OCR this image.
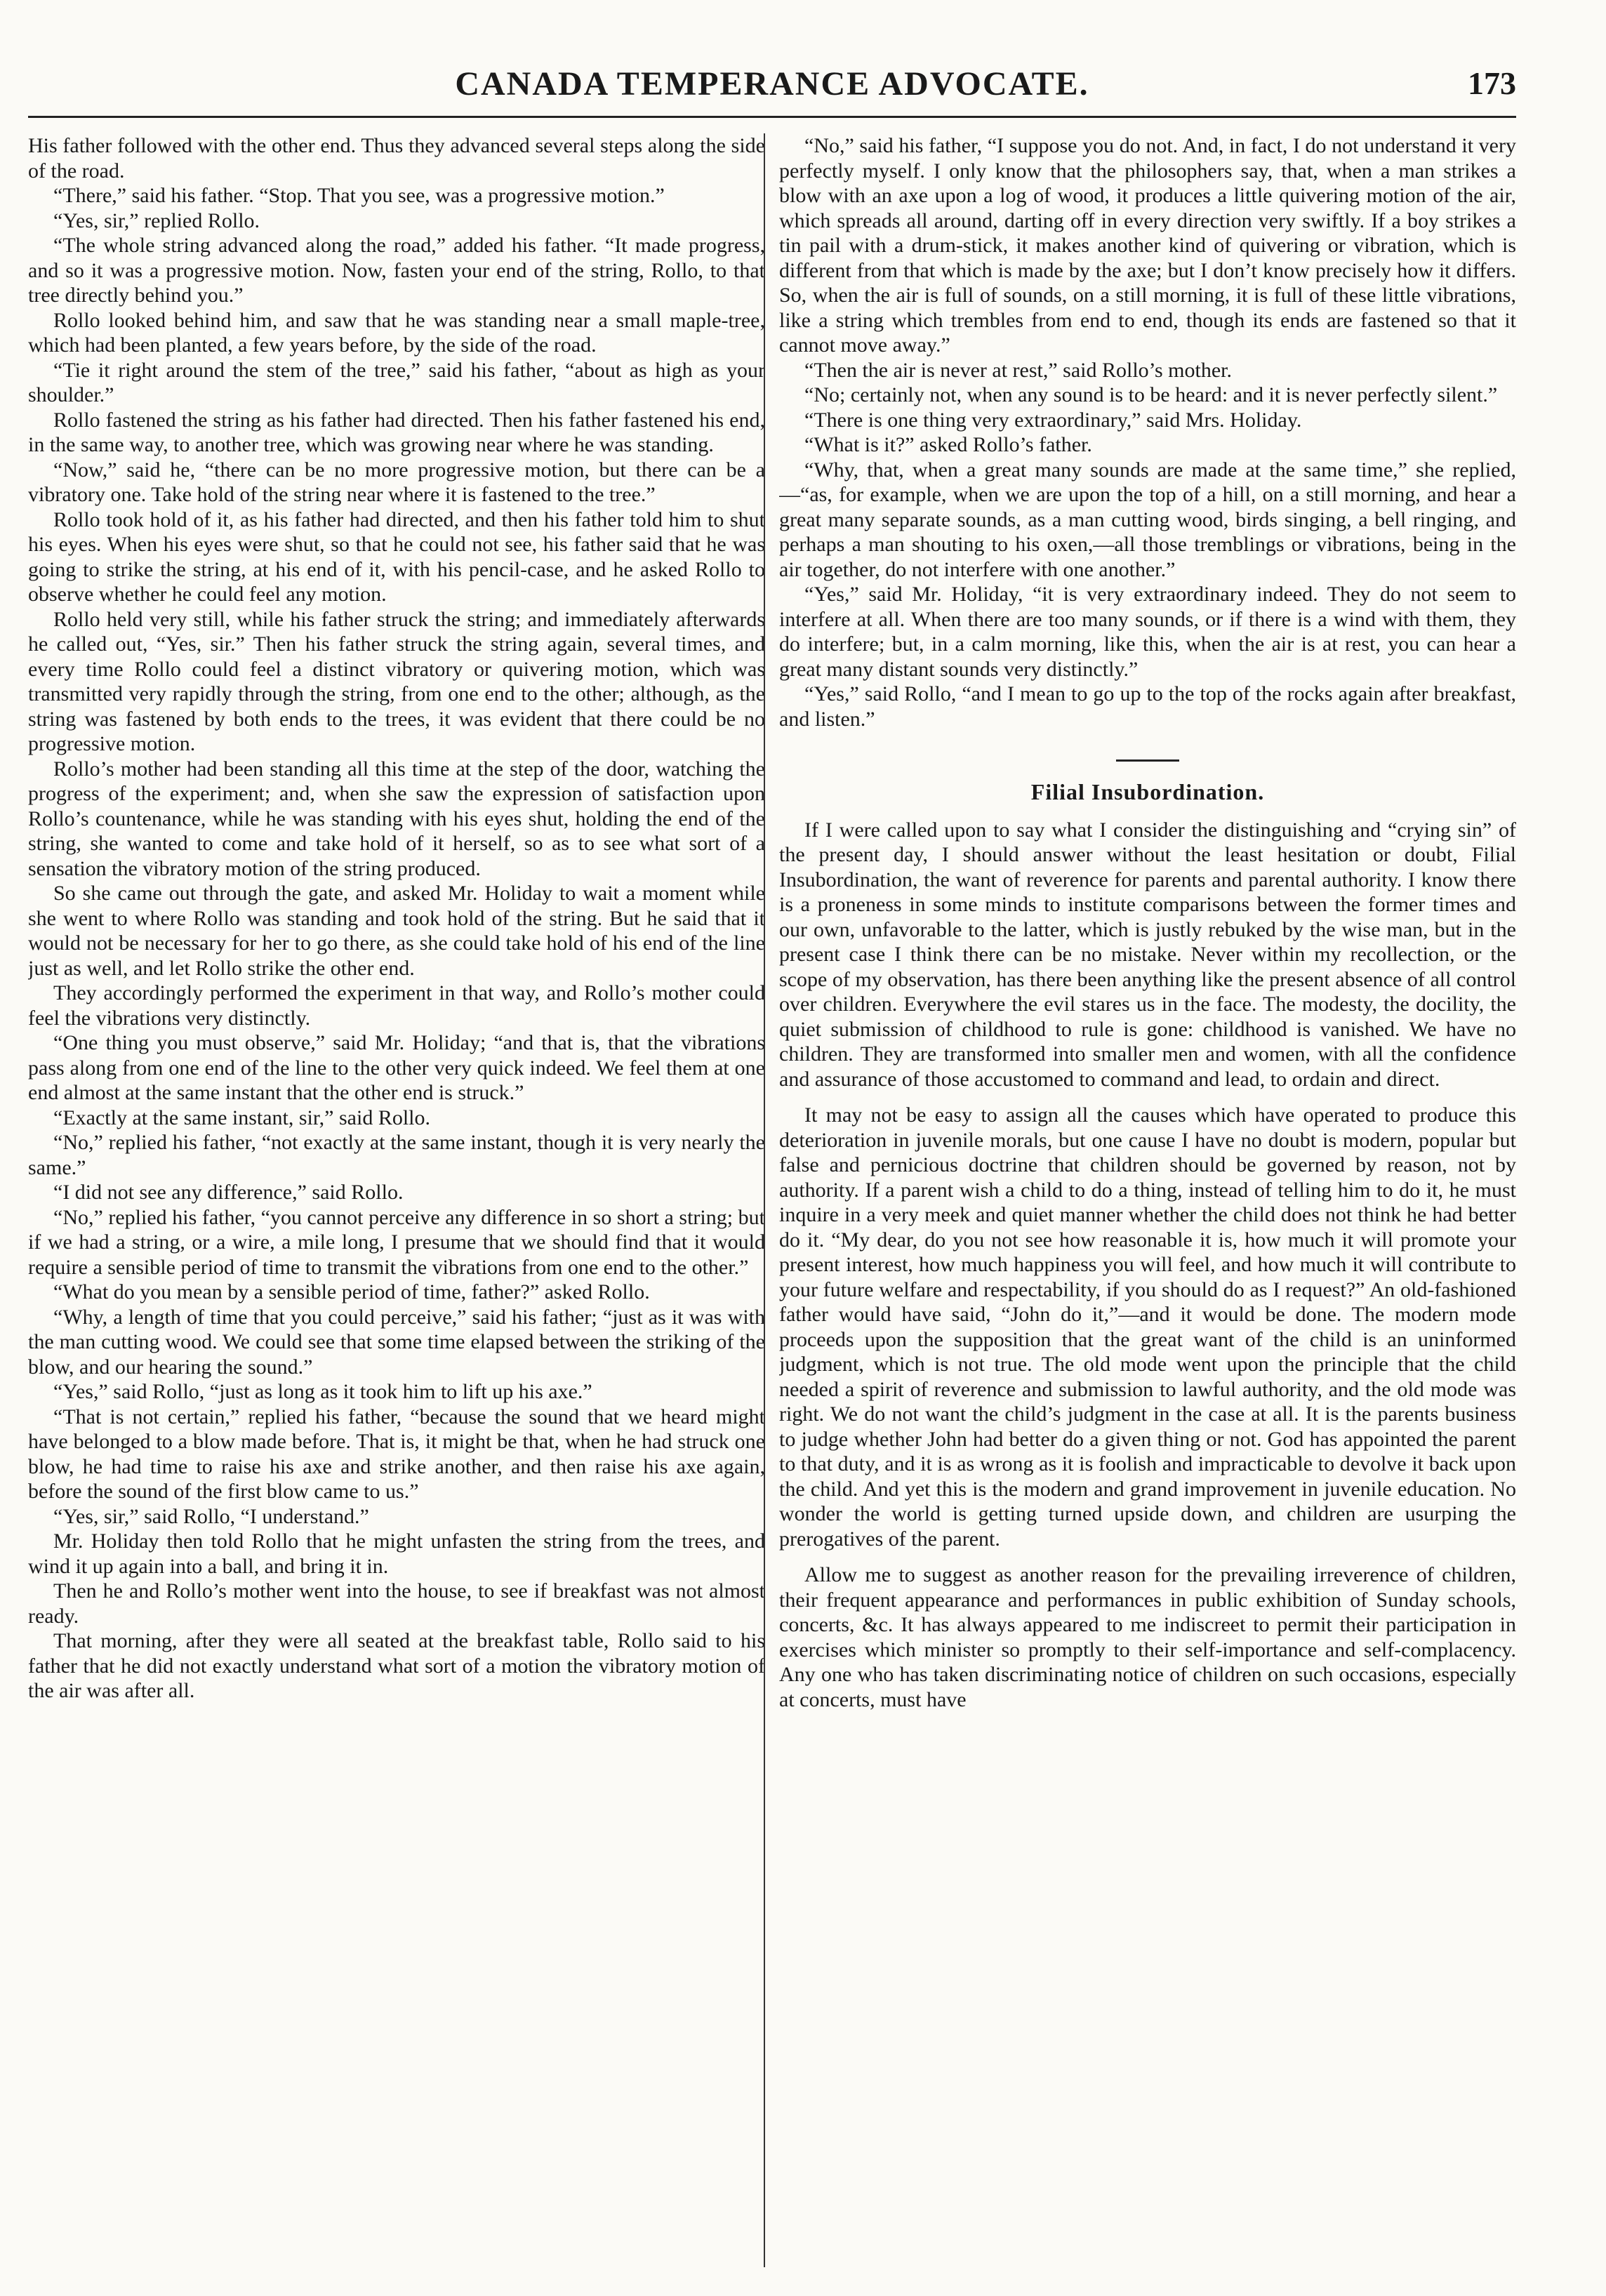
CANADA TEMPERANCE ADVOCATE.	173

His father followed with the other end. Thus they advanced several steps along the side of the road.

“There,” said his father. “Stop. That you see, was a progressive motion.”

“Yes, sir,” replied Rollo.

“The whole string advanced along the road,” added his father. “It made progress, and so it was a progressive motion. Now, fasten your end of the string, Rollo, to that tree directly behind you.”

Rollo looked behind him, and saw that he was standing near a small maple-tree, which had been planted, a few years before, by the side of the road.

“Tie it right around the stem of the tree,” said his father, “about as high as your shoulder.”

Rollo fastened the string as his father had directed. Then his father fastened his end, in the same way, to another tree, which was growing near where he was standing.

“Now,” said he, “there can be no more progressive motion, but there can be a vibratory one. Take hold of the string near where it is fastened to the tree.”

Rollo took hold of it, as his father had directed, and then his father told him to shut his eyes. When his eyes were shut, so that he could not see, his father said that he was going to strike the string, at his end of it, with his pencil-case, and he asked Rollo to observe whether he could feel any motion.

Rollo held very still, while his father struck the string; and immediately afterwards he called out, “Yes, sir.” Then his father struck the string again, several times, and every time Rollo could feel a distinct vibratory or quivering motion, which was transmitted very rapidly through the string, from one end to the other; although, as the string was fastened by both ends to the trees, it was evident that there could be no progressive motion.

Rollo’s mother had been standing all this time at the step of the door, watching the progress of the experiment; and, when she saw the expression of satisfaction upon Rollo’s countenance, while he was standing with his eyes shut, holding the end of the string, she wanted to come and take hold of it herself, so as to see what sort of a sensation the vibratory motion of the string produced.

So she came out through the gate, and asked Mr. Holiday to wait a moment while she went to where Rollo was standing and took hold of the string. But he said that it would not be necessary for her to go there, as she could take hold of his end of the line just as well, and let Rollo strike the other end.

They accordingly performed the experiment in that way, and Rollo’s mother could feel the vibrations very distinctly.

“One thing you must observe,” said Mr. Holiday; “and that is, that the vibrations pass along from one end of the line to the other very quick indeed. We feel them at one end almost at the same instant that the other end is struck.”

“Exactly at the same instant, sir,” said Rollo.

“No,” replied his father, “not exactly at the same instant, though it is very nearly the same.”

“I did not see any difference,” said Rollo.

“No,” replied his father, “you cannot perceive any difference in so short a string; but if we had a string, or a wire, a mile long, I presume that we should find that it would require a sensible period of time to transmit the vibrations from one end to the other.”

“What do you mean by a sensible period of time, father?” asked Rollo.

“Why, a length of time that you could perceive,” said his father; “just as it was with the man cutting wood. We could see that some time elapsed between the striking of the blow, and our hearing the sound.”

“Yes,” said Rollo, “just as long as it took him to lift up his axe.”

“That is not certain,” replied his father, “because the sound that we heard might have belonged to a blow made before. That is, it might be that, when he had struck one blow, he had time to raise his axe and strike another, and then raise his axe again, before the sound of the first blow came to us.”

“Yes, sir,” said Rollo, “I understand.”

Mr. Holiday then told Rollo that he might unfasten the string from the trees, and wind it up again into a ball, and bring it in.

Then he and Rollo’s mother went into the house, to see if breakfast was not almost ready.

That morning, after they were all seated at the breakfast table, Rollo said to his father that he did not exactly understand what sort of a motion the vibratory motion of the air was after all.

“No,” said his father, “I suppose you do not. And, in fact, I do not understand it very perfectly myself. I only know that the philosophers say, that, when a man strikes a blow with an axe upon a log of wood, it produces a little quivering motion of the air, which spreads all around, darting off in every direction very swiftly. If a boy strikes a tin pail with a drum-stick, it makes another kind of quivering or vibration, which is different from that which is made by the axe; but I don’t know precisely how it differs. So, when the air is full of sounds, on a still morning, it is full of these little vibrations, like a string which trembles from end to end, though its ends are fastened so that it cannot move away.”

“Then the air is never at rest,” said Rollo’s mother.

“No; certainly not, when any sound is to be heard: and it is never perfectly silent.”

“There is one thing very extraordinary,” said Mrs. Holiday.

“What is it?” asked Rollo’s father.

“Why, that, when a great many sounds are made at the same time,” she replied,—“as, for example, when we are upon the top of a hill, on a still morning, and hear a great many separate sounds, as a man cutting wood, birds singing, a bell ringing, and perhaps a man shouting to his oxen,—all those tremblings or vibrations, being in the air together, do not interfere with one another.”

“Yes,” said Mr. Holiday, “it is very extraordinary indeed. They do not seem to interfere at all. When there are too many sounds, or if there is a wind with them, they do interfere; but, in a calm morning, like this, when the air is at rest, you can hear a great many distant sounds very distinctly.”

“Yes,” said Rollo, “and I mean to go up to the top of the rocks again after breakfast, and listen.”

Filial Insubordination.

If I were called upon to say what I consider the distinguishing and “crying sin” of the present day, I should answer without the least hesitation or doubt, Filial Insubordination, the want of reverence for parents and parental authority. I know there is a proneness in some minds to institute comparisons between the former times and our own, unfavorable to the latter, which is justly rebuked by the wise man, but in the present case I think there can be no mistake. Never within my recollection, or the scope of my observation, has there been anything like the present absence of all control over children. Everywhere the evil stares us in the face. The modesty, the docility, the quiet submission of childhood to rule is gone: childhood is vanished. We have no children. They are transformed into smaller men and women, with all the confidence and assurance of those accustomed to command and lead, to ordain and direct.

It may not be easy to assign all the causes which have operated to produce this deterioration in juvenile morals, but one cause I have no doubt is modern, popular but false and pernicious doctrine that children should be governed by reason, not by authority. If a parent wish a child to do a thing, instead of telling him to do it, he must inquire in a very meek and quiet manner whether the child does not think he had better do it. “My dear, do you not see how reasonable it is, how much it will promote your present interest, how much happiness you will feel, and how much it will contribute to your future welfare and respectability, if you should do as I request?” An old-fashioned father would have said, “John do it,”—and it would be done. The modern mode proceeds upon the supposition that the great want of the child is an uninformed judgment, which is not true. The old mode went upon the principle that the child needed a spirit of reverence and submission to lawful authority, and the old mode was right. We do not want the child’s judgment in the case at all. It is the parents business to judge whether John had better do a given thing or not. God has appointed the parent to that duty, and it is as wrong as it is foolish and impracticable to devolve it back upon the child. And yet this is the modern and grand improvement in juvenile education. No wonder the world is getting turned upside down, and children are usurping the prerogatives of the parent.

Allow me to suggest as another reason for the prevailing irreverence of children, their frequent appearance and performances in public exhibition of Sunday schools, concerts, &c. It has always appeared to me indiscreet to permit their participation in exercises which minister so promptly to their self-importance and self-complacency. Any one who has taken discriminating notice of children on such occasions, especially at concerts, must have
